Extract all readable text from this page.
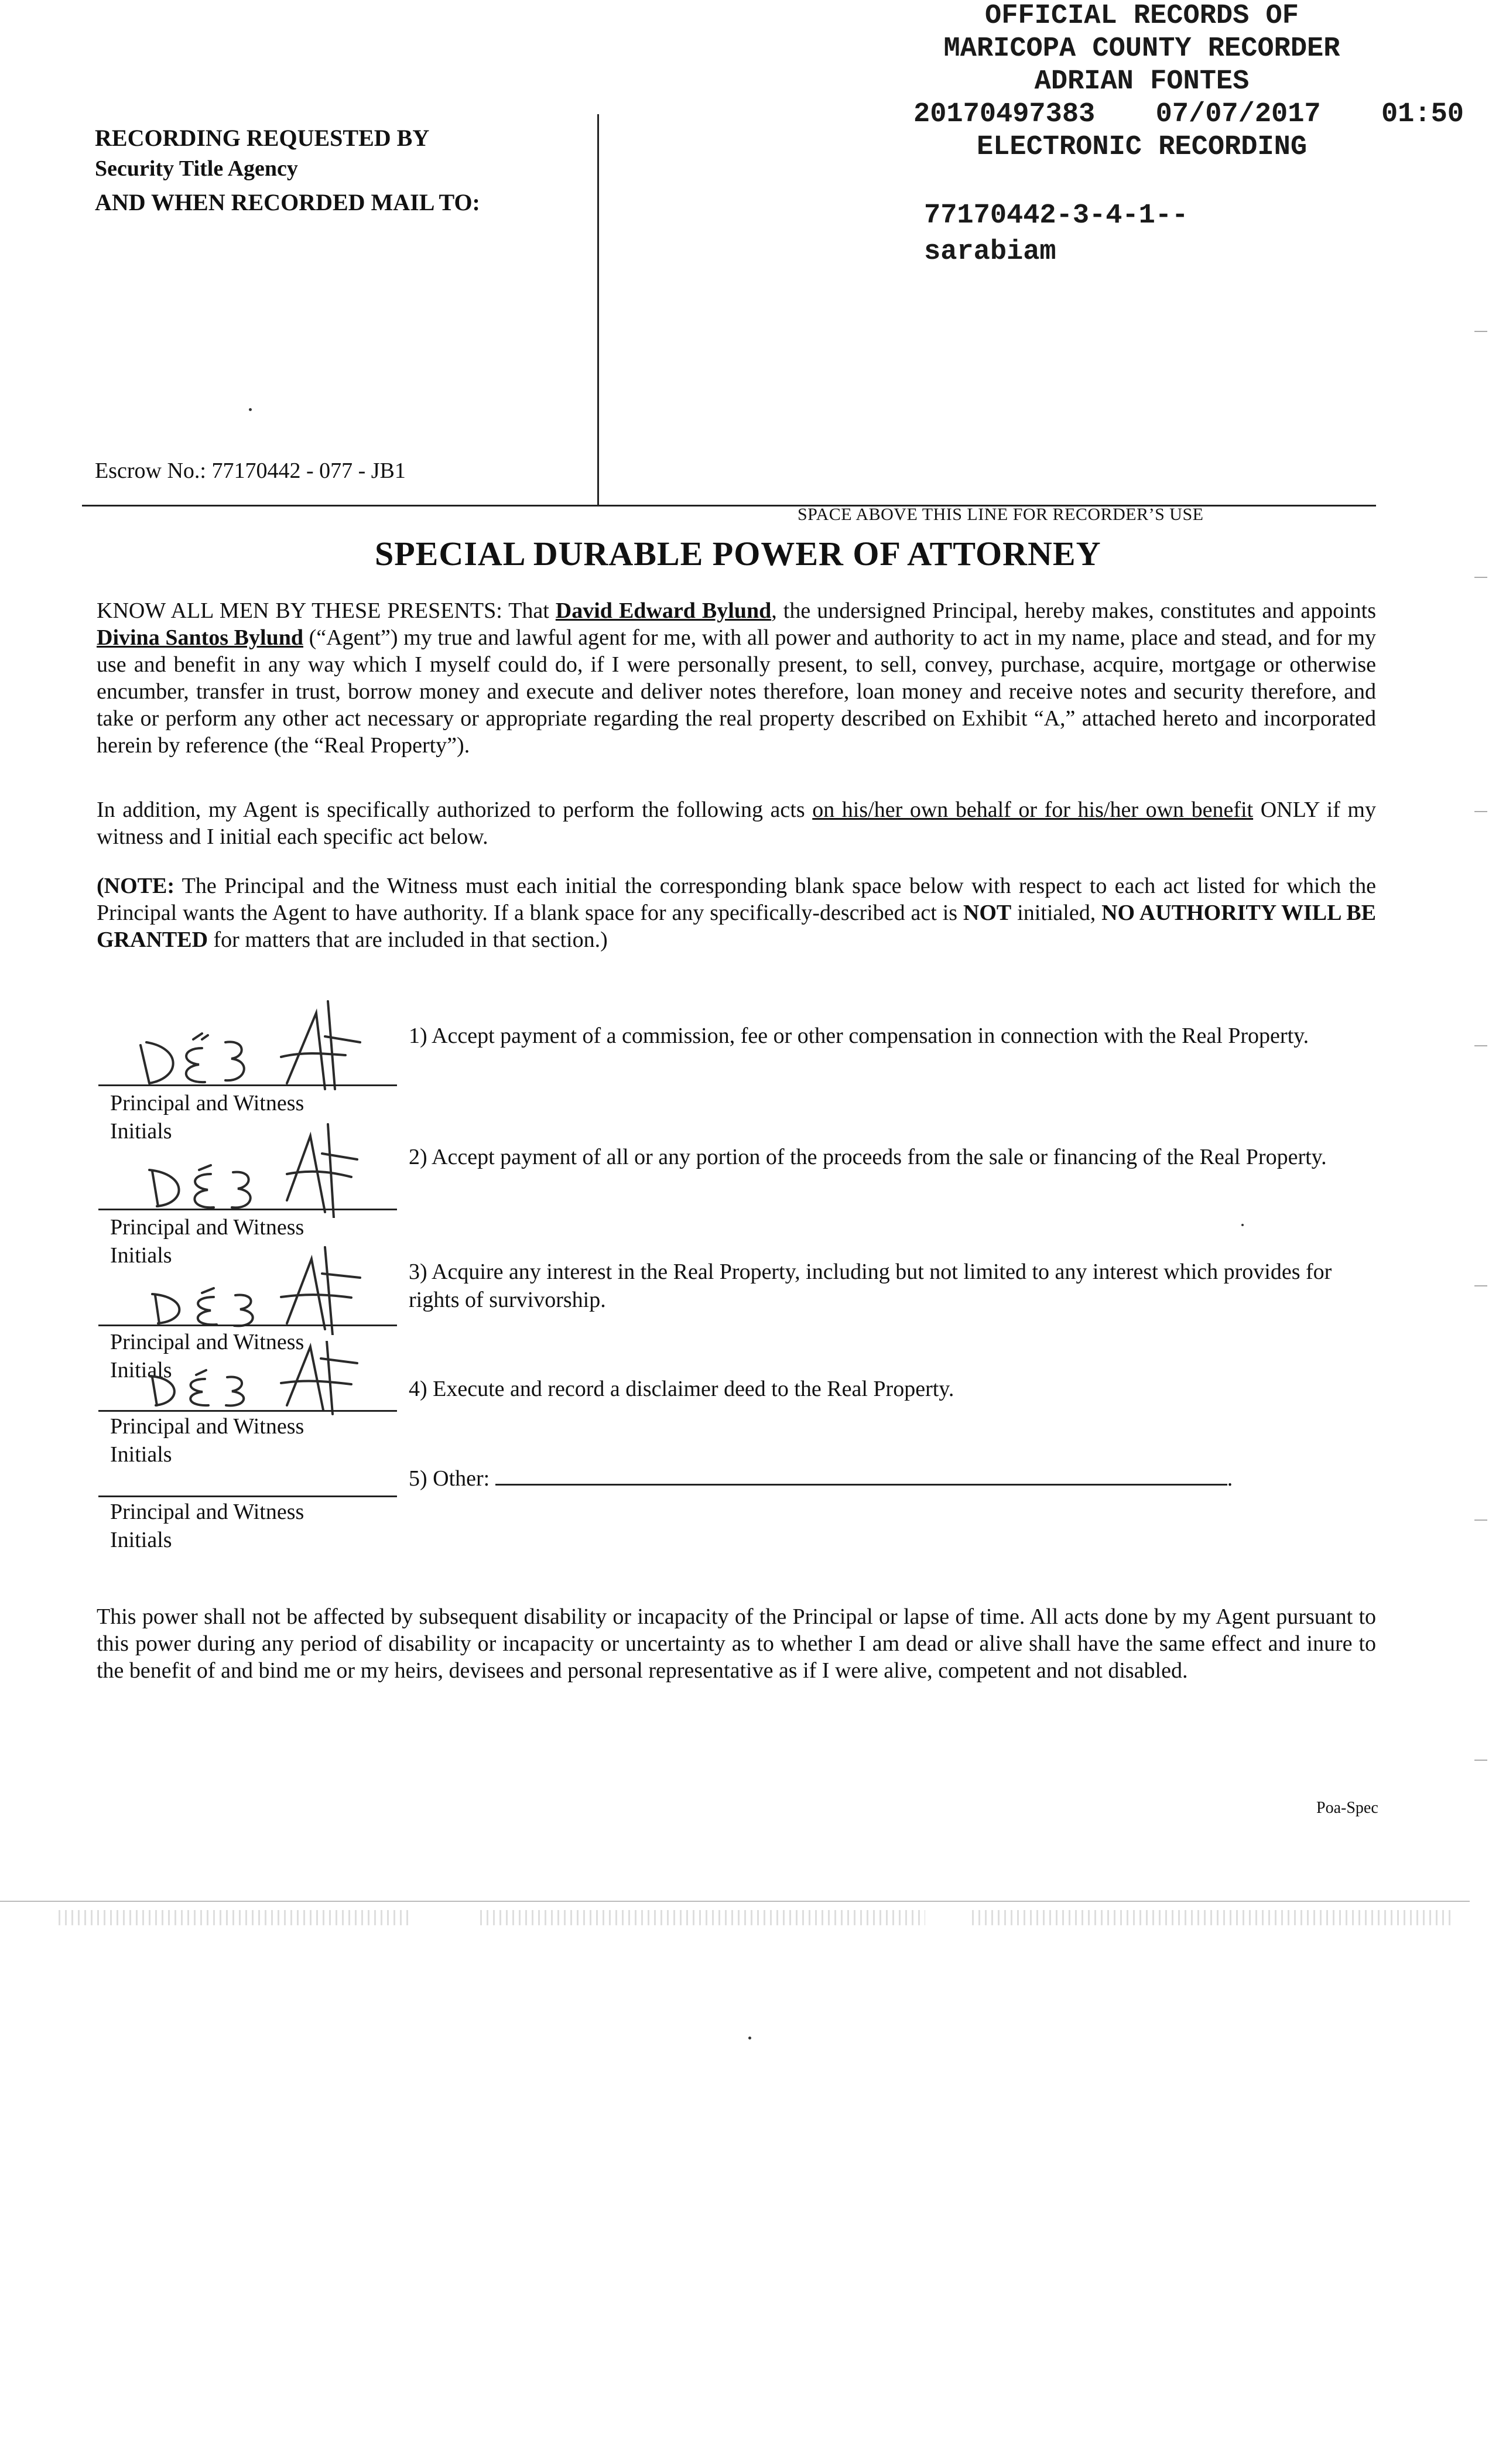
OFFICIAL RECORDS OF
MARICOPA COUNTY RECORDER
ADRIAN FONTES
20170497383 07/07/2017 01:50
ELECTRONIC RECORDING
77170442-3-4-1--
sarabiam
RECORDING REQUESTED BY
Security Title Agency
AND WHEN RECORDED MAIL TO:
Escrow No.: 77170442 - 077 - JB1
SPACE ABOVE THIS LINE FOR RECORDER’S USE
SPECIAL DURABLE POWER OF ATTORNEY
KNOW ALL MEN BY THESE PRESENTS: That David Edward Bylund, the undersigned Principal, hereby makes, constitutes and appoints Divina Santos Bylund (“Agent”) my true and lawful agent for me, with all power and authority to act in my name, place and stead, and for my use and benefit in any way which I myself could do, if I were personally present, to sell, convey, purchase, acquire, mortgage or otherwise encumber, transfer in trust, borrow money and execute and deliver notes therefore, loan money and receive notes and security therefore, and take or perform any other act necessary or appropriate regarding the real property described on Exhibit “A,” attached hereto and incorporated herein by reference (the “Real Property”).
In addition, my Agent is specifically authorized to perform the following acts on his/her own behalf or for his/her own benefit ONLY if my witness and I initial each specific act below.
(NOTE: The Principal and the Witness must each initial the corresponding blank space below with respect to each act listed for which the Principal wants the Agent to have authority. If a blank space for any specifically-described act is NOT initialed, NO AUTHORITY WILL BE GRANTED for matters that are included in that section.)
Principal and Witness
Initials
1) Accept payment of a commission, fee or other compensation in connection with the Real Property.
Principal and Witness
Initials
2) Accept payment of all or any portion of the proceeds from the sale or financing of the Real Property.
Principal and Witness
Initials
3) Acquire any interest in the Real Property, including but not limited to any interest which provides for rights of survivorship.
Principal and Witness
Initials
4) Execute and record a disclaimer deed to the Real Property.
Principal and Witness
Initials
5) Other:	.
This power shall not be affected by subsequent disability or incapacity of the Principal or lapse of time. All acts done by my Agent pursuant to this power during any period of disability or incapacity or uncertainty as to whether I am dead or alive shall have the same effect and inure to the benefit of and bind me or my heirs, devisees and personal representative as if I were alive, competent and not disabled.
Poa-Spec
